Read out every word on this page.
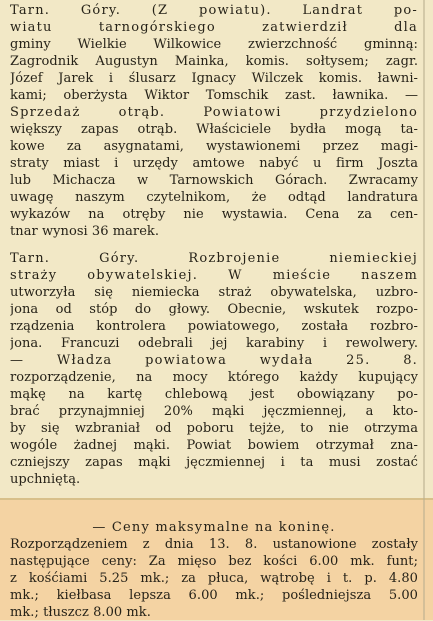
Tarn. Góry. (Z powiatu). Landrat po-
wiatu tarnogórskiego zatwierdził dla
gminy Wielkie Wilkowice zwierzchność gminną:
Zagrodnik Augustyn Mainka, komis. sołtysem; zagr.
Józef Jarek i ślusarz Ignacy Wilczek komis. ławni-
kami; oberżysta Wiktor Tomschik zast. ławnika. —
Sprzedaż otrąb. Powiatowi przydzielono
większy zapas otrąb. Właściciele bydła mogą ta-
kowe za asygnatami, wystawionemi przez magi-
straty miast i urzędy amtowe nabyć u firm Joszta
lub Michacza w Tarnowskich Górach. Zwracamy
uwagę naszym czytelnikom, że odtąd landratura
wykazów na otręby nie wystawia. Cena za cen-
tnar wynosi 36 marek.
Tarn. Góry. Rozbrojenie niemieckiej
straży obywatelskiej. W mieście naszem
utworzyła się niemiecka straż obywatelska, uzbro-
jona od stóp do głowy. Obecnie, wskutek rozpo-
rządzenia kontrolera powiatowego, została rozbro-
jona. Francuzi odebrali jej karabiny i rewolwery.
— Władza powiatowa wydała 25. 8.
rozporządzenie, na mocy którego każdy kupujący
mąkę na kartę chlebową jest obowiązany po-
brać przynajmniej 20% mąki jęczmiennej, a kto-
by się wzbraniał od poboru tejże, to nie otrzyma
wogóle żadnej mąki. Powiat bowiem otrzymał zna-
czniejszy zapas mąki jęczmiennej i ta musi zostać
upchniętą.
— Ceny maksymalne na koninę.
Rozporządzeniem z dnia 13. 8. ustanowione zostały
następujące ceny: Za mięso bez kości 6.00 mk. funt;
z kośćiami 5.25 mk.; za płuca, wątrobę i t. p. 4.80
mk.; kiełbasa lepsza 6.00 mk.; pośledniejsza 5.00
mk.; tłuszcz 8.00 mk.
